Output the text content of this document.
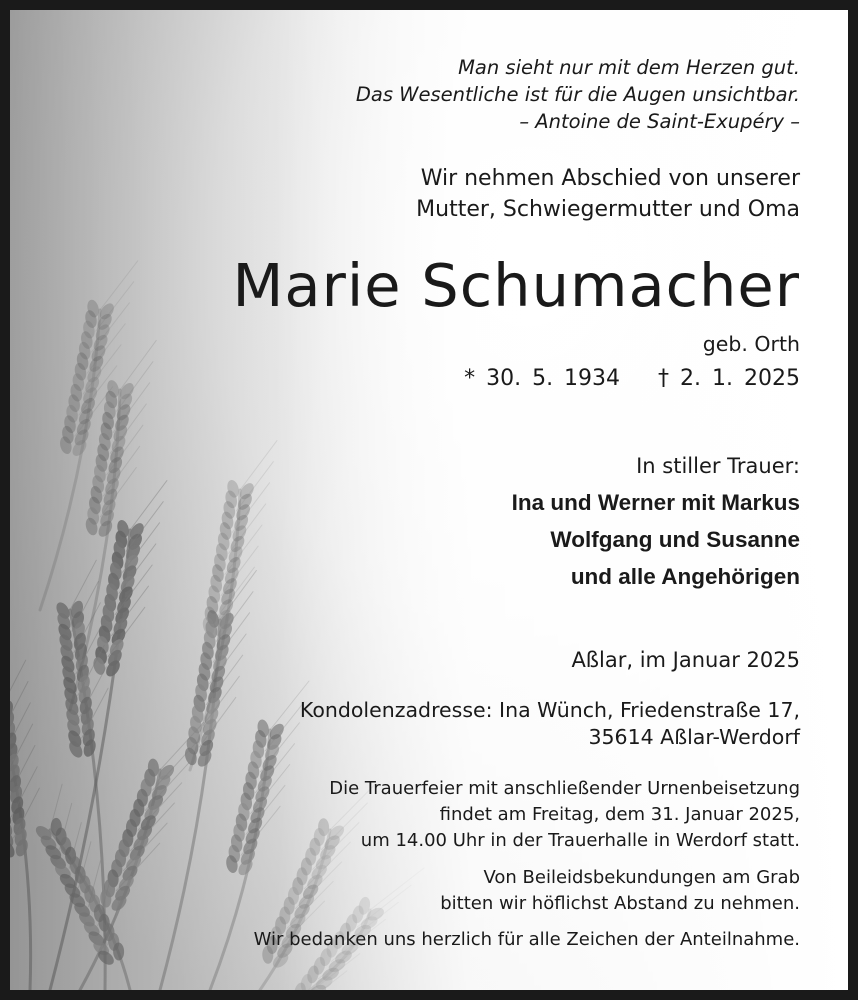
Man sieht nur mit dem Herzen gut.
Das Wesentliche ist für die Augen unsichtbar.
– Antoine de Saint-Exupéry –
Wir nehmen Abschied von unserer
Mutter, Schwiegermutter und Oma
Marie Schumacher
geb. Orth
* 30. 5. 1934 † 2. 1. 2025
In stiller Trauer:
Ina und Werner mit Markus
Wolfgang und Susanne
und alle Angehörigen
Aßlar, im Januar 2025
Kondolenzadresse: Ina Wünch, Friedenstraße 17,
35614 Aßlar-Werdorf
Die Trauerfeier mit anschließender Urnenbeisetzung
findet am Freitag, dem 31. Januar 2025,
um 14.00 Uhr in der Trauerhalle in Werdorf statt.
Von Beileidsbekundungen am Grab
bitten wir höflichst Abstand zu nehmen.
Wir bedanken uns herzlich für alle Zeichen der Anteilnahme.
